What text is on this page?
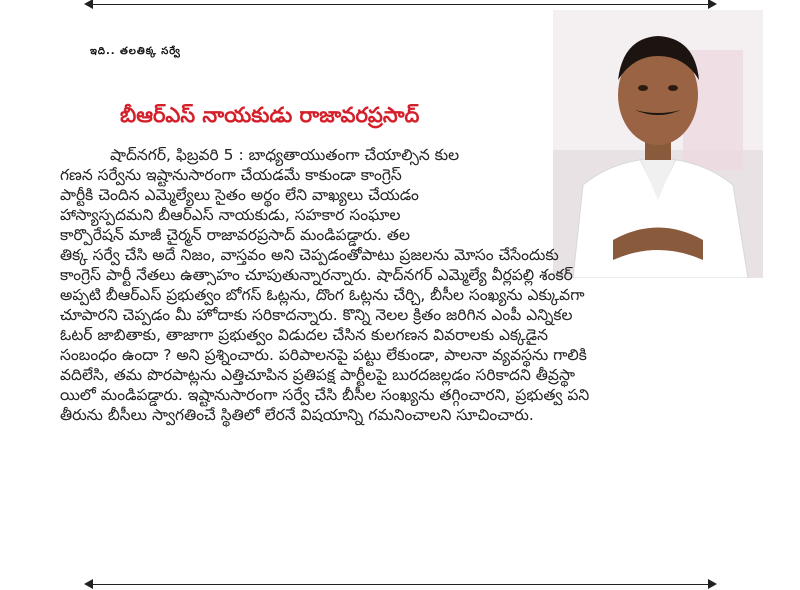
ఇది.. తలతిక్క సర్వే
బీఆర్ఎస్ నాయకుడు రాజావరప్రసాద్
షాద్‌నగర్, ఫిబ్రవరి 5 : బాధ్యతాయుతంగా చేయాల్సిన కుల
గణన సర్వేను ఇష్టానుసారంగా చేయడమే కాకుండా కాంగ్రెస్
పార్టీకి చెందిన ఎమ్మెల్యేలు సైతం అర్థం లేని వాఖ్యలు చేయడం
హాస్యాస్పదమని బీఆర్ఎస్ నాయకుడు, సహకార సంఘాల
కార్పొరేషన్ మాజీ చైర్మన్ రాజావరప్రసాద్ మండిపడ్డారు. తల
తిక్క సర్వే చేసి అదే నిజం, వాస్తవం అని చెప్పడంతోపాటు ప్రజలను మోసం చేసేందుకు
కాంగ్రెస్ పార్టీ నేతలు ఉత్సాహం చూపుతున్నారన్నారు. షాద్‌నగర్ ఎమ్మెల్యే వీర్లపల్లి శంకర్
అప్పటి బీఆర్ఎస్ ప్రభుత్వం బోగస్ ఓట్లను, దొంగ ఓట్లను చేర్చి, బీసీల సంఖ్యను ఎక్కువగా
చూపారని చెప్పడం మీ హోదాకు సరికాదన్నారు. కొన్ని నెలల క్రితం జరిగిన ఎంపీ ఎన్నికల
ఓటర్ జాబితాకు, తాజాగా ప్రభుత్వం విడుదల చేసిన కులగణన వివరాలకు ఎక్కడైన
సంబంధం ఉందా ? అని ప్రశ్నించారు. పరిపాలనపై పట్టు లేకుండా, పాలనా వ్యవస్థను గాలికి
వదిలేసి, తమ పొరపాట్లను ఎత్తిచూపిన ప్రతిపక్ష పార్టీలపై బురదజల్లడం సరికాదని తీవ్రస్థా
యిలో మండిపడ్డారు. ఇష్టానుసారంగా సర్వే చేసి బీసీల సంఖ్యను తగ్గించారని, ప్రభుత్వ పని
తీరును బీసీలు స్వాగతించే స్థితిలో లేరనే విషయాన్ని గమనించాలని సూచించారు.
